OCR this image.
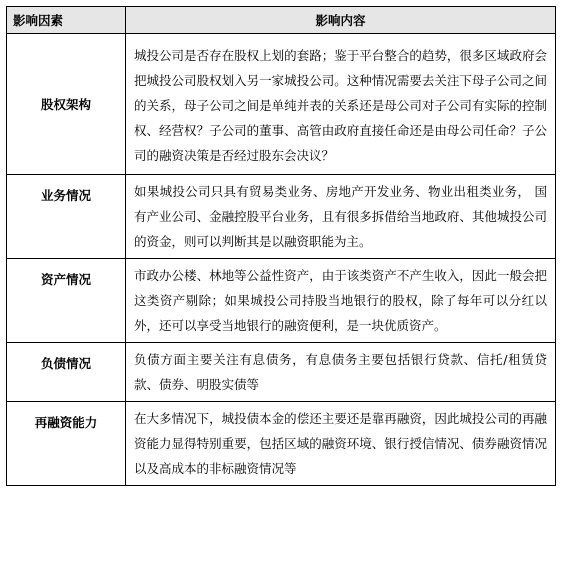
影响因素	影响内容
股权架构	城投公司是否存在股权上划的套路；鉴于平台整合的趋势，很多区域政府会把城投公司股权划入另一家城投公司。这种情况需要去关注下母子公司之间的关系，母子公司之间是单纯并表的关系还是母公司对子公司有实际的控制权、经营权？子公司的董事、高管由政府直接任命还是由母公司任命？子公司的融资决策是否经过股东会决议？
业务情况	如果城投公司只具有贸易类业务、房地产开发业务、物业出租类业务， 国有产业公司、金融控股平台业务，且有很多拆借给当地政府、其他城投公司的资金，则可以判断其是以融资职能为主。
资产情况	市政办公楼、林地等公益性资产，由于该类资产不产生收入，因此一般会把这类资产剔除；如果城投公司持股当地银行的股权，除了每年可以分红以外，还可以享受当地银行的融资便利，是一块优质资产。
负债情况	负债方面主要关注有息债务，有息债务主要包括银行贷款、信托/租赁贷款、债券、明股实债等
再融资能力	在大多情况下，城投债本金的偿还主要还是靠再融资，因此城投公司的再融资能力显得特别重要，包括区域的融资环境、银行授信情况、债券融资情况以及高成本的非标融资情况等
